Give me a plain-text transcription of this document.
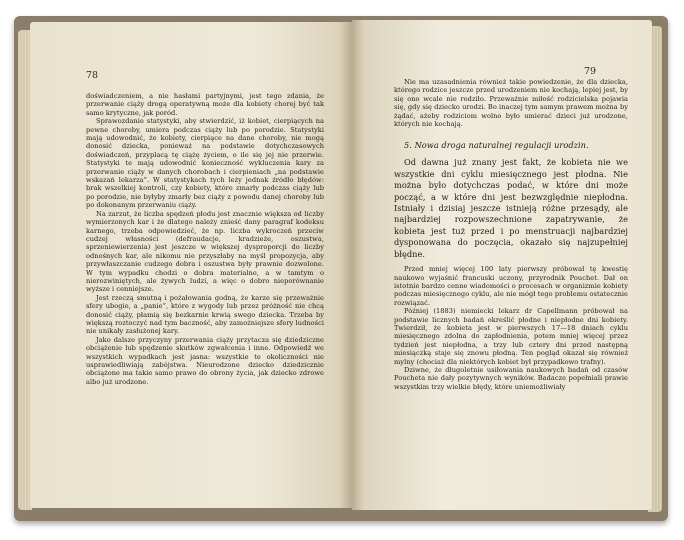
78

doświadczeniem, a nie hasłami partyjnymi, jest tego zdania, że przerwanie ciąży drogą operatywną może dla kobiety chorej być tak samo krytyczne, jak poród.

Sprawozdanie statystyki, aby stwierdzić, iż kobiet, cierpiących na pewne choroby, umiera podczas ciąży lub po porodzie. Statystyki mają udowodnić, że kobiety, cierpiące na dane choroby, nie mogą donosić dziecka, ponieważ na podstawie dotychczasowych doświadczeń, przyplacą tę ciążę życiem, o ile się jej nie przerwie. Statystyki te mają udowodnić konieczność wykluczenia kary za przerwanie ciąży w danych chorobach i cierpieniach „na podstawie wskazań lekarza”. W statystykach tych leży jednak źródło błędów: brak wszelkiej kontroli, czy kobiety, które zmarły podczas ciąży lub po porodzie, nie byłyby zmarły bez ciąży z powodu danej choroby lub po dokonanym przerwaniu ciąży.

Na zarzut, że liczba spędzeń płodu jest znacznie większa od liczby wymierzonych kar i że dlatego należy znieść dany paragraf kodeksu karnego, trzeba odpowiedzieć, że np. liczba wykroczeń przeciw cudzej własności (defraudacje, kradzieże, oszustwa, sprzeniewierzenia) jest jeszcze w większej dysproporcji do liczby odnośnych kar, ale nikomu nie przyszłaby na myśl propozycja, aby przywłaszczanie cudzego dobra i oszustwa były prawnie dozwolone. W tym wypadku chodzi o dobra materialne, a w tamtym o nierozwiniętych, ale żywych ludzi, a więc o dobro nieporównanie wyższe i cenniejsze.

Jest rzeczą smutną i pożałowania godną, że karze się przeważnie sfery ubogie, a „panie”, które z wygody lub przez próżność nie chcą donosić ciąży, płamią się bezkarnie krwią swego dziecka. Trzeba by większą roztoczyć nad tym baczność, aby zamożniejsze sfery ludności nie unikały zasłużonej kary.

Jako dalsze przyczyny przerwania ciąży przytacza się dziedziczne obciążenie lub spędzenie skutków zgwałcenia i inne. Odpowiedź we wszystkich wypadkach jest jasna: wszystkie te okoliczności nie usprawiedliwiają zabójstwa. Nieurodzone dziecko dziedzicznie obciążone ma takie samo prawo do obrony życia, jak dziecko zdrowe albo już urodzone.

79

Nie ma uzasadnienia również takie powiedzenie, że dla dziecka, którego rodzice jeszcze przed urodzeniem nie kochają, lepiej jest, by się ono wcale nie rodziło. Przeważnie miłość rodzicielska pojawia się, gdy się dziecko urodzi. Bo inaczej tym samym prawem można by żądać, ażeby rodziciom wolno było umierać dzieci już urodzone, których nie kochają.

5. Nowa droga naturalnej regulacji urodzin.

Od dawna już znany jest fakt, że kobieta nie we wszystkie dni cyklu miesięcznego jest płodna. Nie można było dotychczas podać, w które dni może począć, a w które dni jest bezwzględnie niepłodna. Istniały i dzisiaj jeszcze istnieją różne przesądy, ale najbardziej rozpowszechnione zapatrywanie, że kobieta jest tuż przed i po menstruacji najbardziej dysponowana do poczęcia, okazało się najzupełniej błędne.

Przed mniej więcej 100 laty pierwszy próbował tę kwestię naukowo wyjaśnić francuski uczony, przyrodnik Pouchet. Dał on istotnie bardzo cenne wiadomości o procesach w organizmie kobiety podczas miesięcznego cyklu, ale nie mógł tego problemu ostatecznie rozwiązać.

Później (1883) niemiecki lekarz dr Capellmann próbował na podstawie licznych badań określić płodne i niepłodne dni kobiety. Twierdził, że kobieta jest w pierwszych 17—18 dniach cyklu miesięcznego zdolna do zapłodnienia, potem mniej więcej przez tydzień jest niepłodna, a trzy lub cztery dni przed następną miesiączką staje się znowu płodną. Ten pogląd okazał się również mylny (chociaż dla niektórych kobiet był przypadkowo trafny).

Dziwne, że długoletnie usiłowania naukowych badań od czasów Poucheta nie dały pozytywnych wyników. Badacze popełniali prawie wszystkim trzy wielkie błędy, które uniemożliwiały
